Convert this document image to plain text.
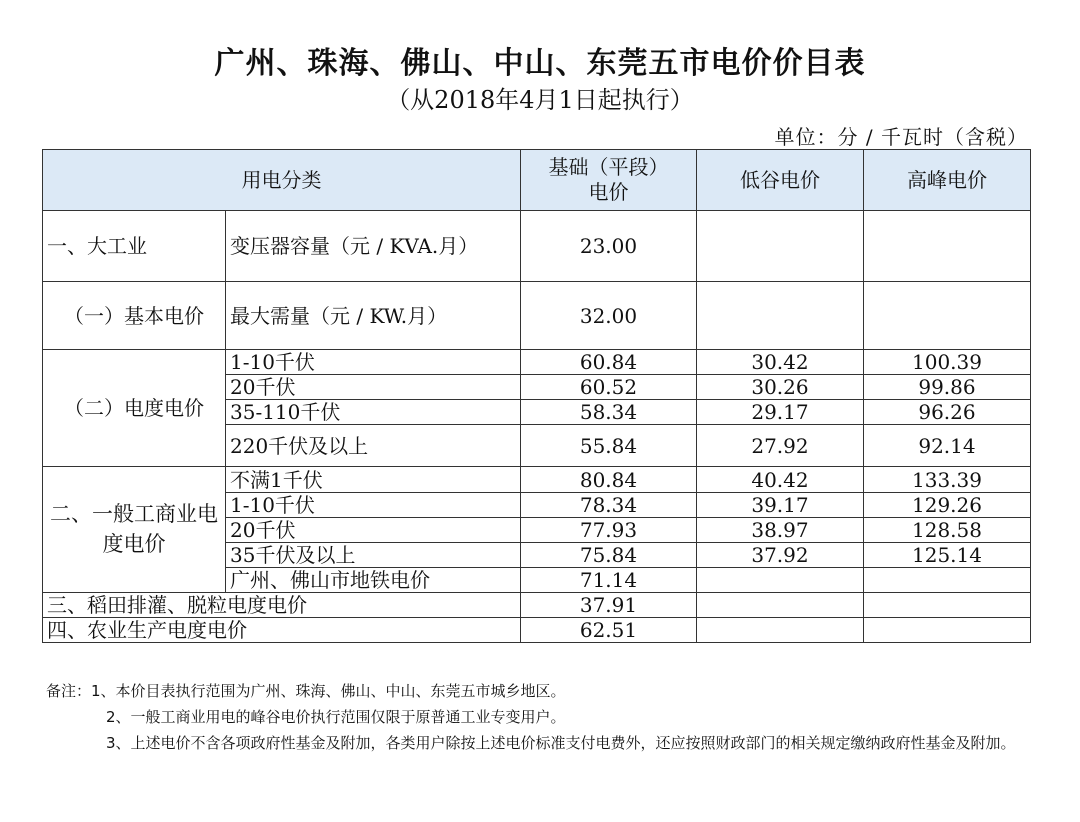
广州、珠海、佛山、中山、东莞五市电价价目表
（从2018年4月1日起执行）
单位：分 / 千瓦时（含税）
用电分类		基础（平段）电价	低谷电价	高峰电价
一、大工业	变压器容量（元 / KVA.月）	23.00		
（一）基本电价	最大需量（元 / KW.月）	32.00		
（二）电度电价	1-10千伏	60.84	30.42	100.39
	20千伏	60.52	30.26	99.86
	35-110千伏	58.34	29.17	96.26
	220千伏及以上	55.84	27.92	92.14
二、一般工商业电度电价	不满1千伏	80.84	40.42	133.39
	1-10千伏	78.34	39.17	129.26
	20千伏	77.93	38.97	128.58
	35千伏及以上	75.84	37.92	125.14
	广州、佛山市地铁电价	71.14		
三、稻田排灌、脱粒电度电价		37.91		
四、农业生产电度电价		62.51		

备注：1、本价目表执行范围为广州、珠海、佛山、中山、东莞五市城乡地区。

2、一般工商业用电的峰谷电价执行范围仅限于原普通工业专变用户。

3、上述电价不含各项政府性基金及附加，各类用户除按上述电价标准支付电费外，还应按照财政部门的相关规定缴纳政府性基金及附加。
